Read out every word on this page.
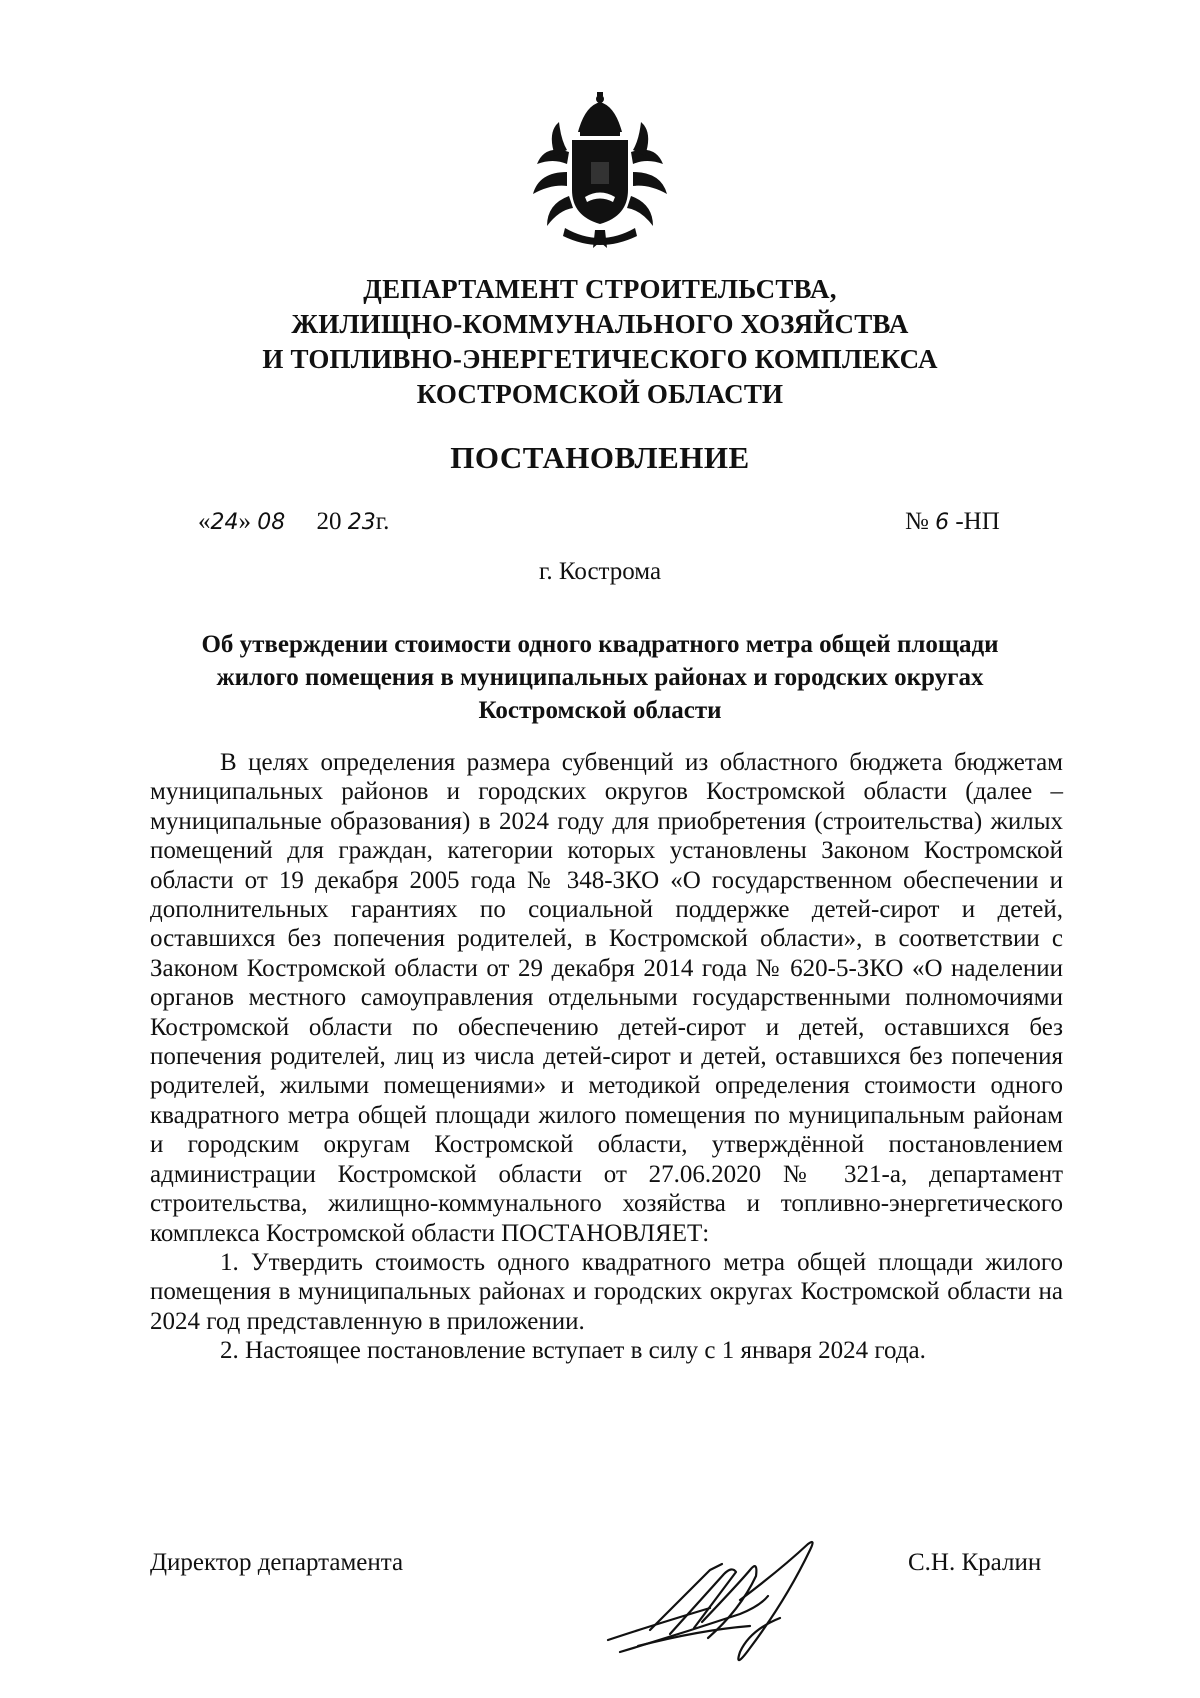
ДЕПАРТАМЕНТ СТРОИТЕЛЬСТВА,
ЖИЛИЩНО-КОММУНАЛЬНОГО ХОЗЯЙСТВА
И ТОПЛИВНО-ЭНЕРГЕТИЧЕСКОГО КОМПЛЕКСА
КОСТРОМСКОЙ ОБЛАСТИ
ПОСТАНОВЛЕНИЕ
«24» 08 20 23г.	№ 6 -НП
г. Кострома
Об утверждении стоимости одного квадратного метра общей площади
жилого помещения в муниципальных районах и городских округах
Костромской области

В целях определения размера субвенций из областного бюджета бюджетам муниципальных районов и городских округов Костромской области (далее – муниципальные образования) в 2024 году для приобретения (строительства) жилых помещений для граждан, категории которых установлены Законом Костромской области от 19 декабря 2005 года № 348-ЗКО «О государственном обеспечении и дополнительных гарантиях по социальной поддержке детей-сирот и детей, оставшихся без попечения родителей, в Костромской области», в соответствии с Законом Костромской области от 29 декабря 2014 года № 620-5-ЗКО «О наделении органов местного самоуправления отдельными государственными полномочиями Костромской области по обеспечению детей-сирот и детей, оставшихся без попечения родителей, лиц из числа детей-сирот и детей, оставшихся без попечения родителей, жилыми помещениями» и методикой определения стоимости одного квадратного метра общей площади жилого помещения по муниципальным районам и городским округам Костромской области, утверждённой постановлением администрации Костромской области от 27.06.2020 № 321-а, департамент строительства, жилищно-коммунального хозяйства и топливно-энергетического комплекса Костромской области ПОСТАНОВЛЯЕТ:

1. Утвердить стоимость одного квадратного метра общей площади жилого помещения в муниципальных районах и городских округах Костромской области на 2024 год представленную в приложении.

2. Настоящее постановление вступает в силу с 1 января 2024 года.

Директор департамента	С.Н. Кралин
